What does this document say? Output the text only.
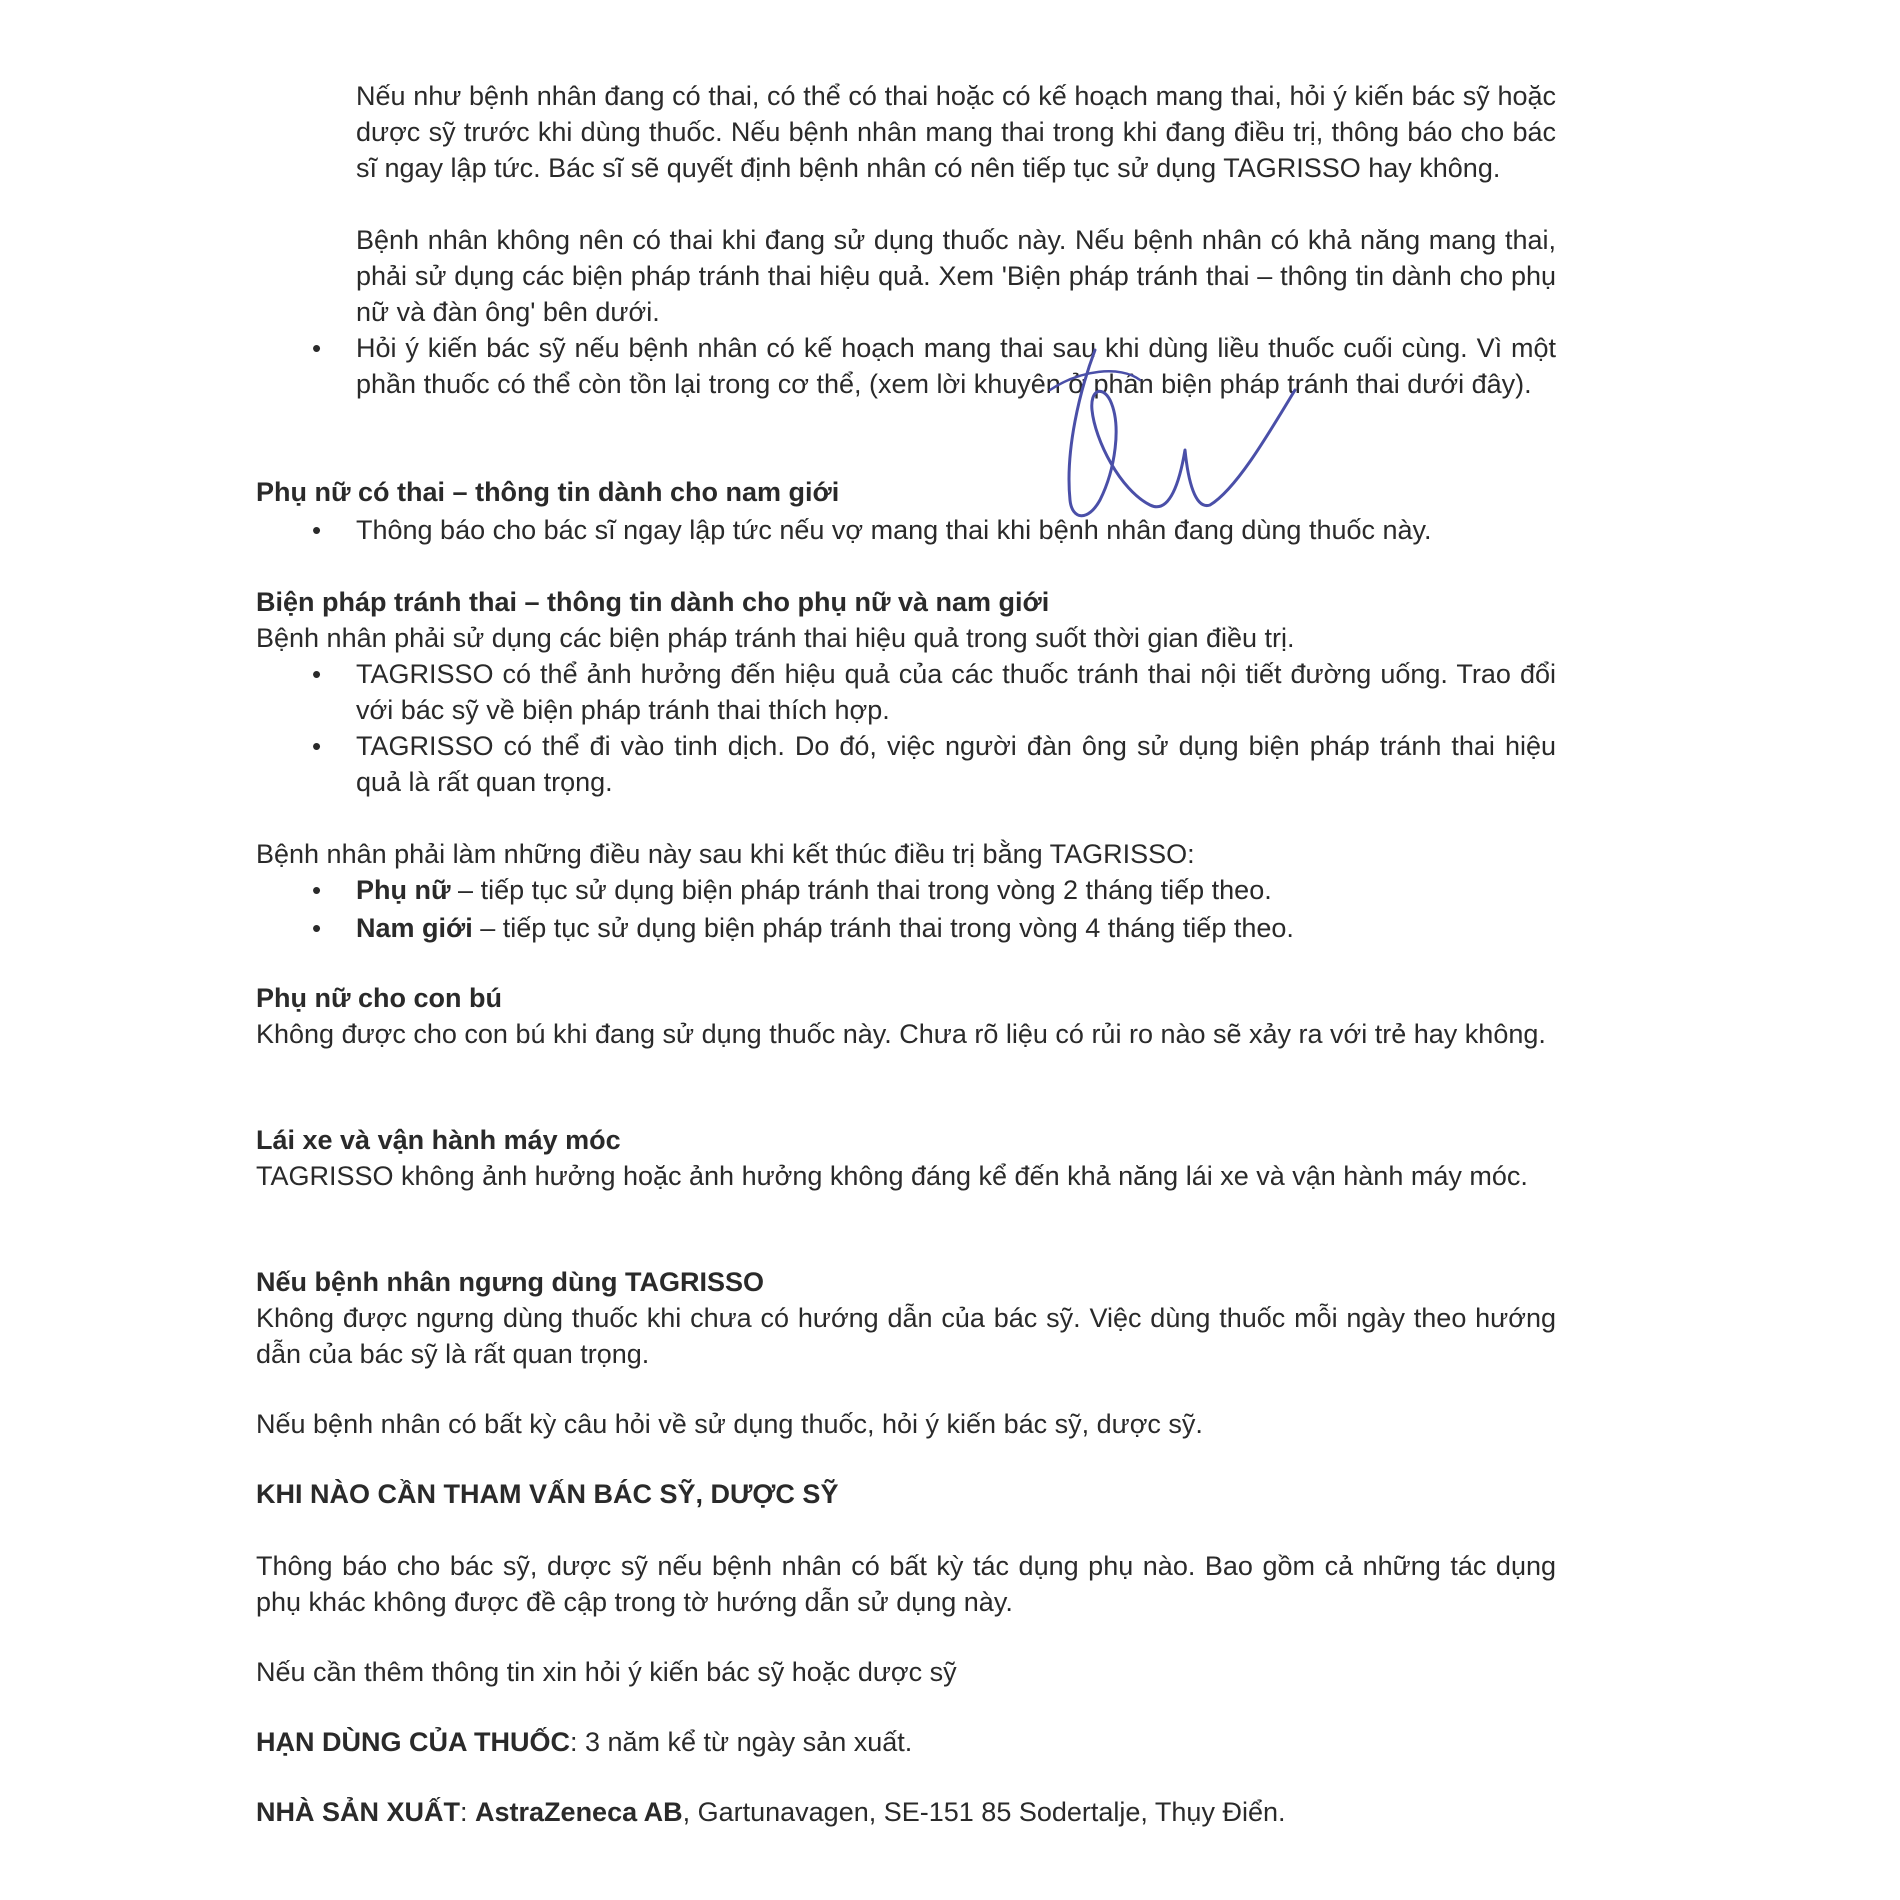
Nếu như bệnh nhân đang có thai, có thể có thai hoặc có kế hoạch mang thai, hỏi ý kiến bác sỹ hoặc dược sỹ trước khi dùng thuốc. Nếu bệnh nhân mang thai trong khi đang điều trị, thông báo cho bác sĩ ngay lập tức. Bác sĩ sẽ quyết định bệnh nhân có nên tiếp tục sử dụng TAGRISSO hay không.

Bệnh nhân không nên có thai khi đang sử dụng thuốc này. Nếu bệnh nhân có khả năng mang thai, phải sử dụng các biện pháp tránh thai hiệu quả. Xem 'Biện pháp tránh thai – thông tin dành cho phụ nữ và đàn ông' bên dưới.

• Hỏi ý kiến bác sỹ nếu bệnh nhân có kế hoạch mang thai sau khi dùng liều thuốc cuối cùng. Vì một phần thuốc có thể còn tồn lại trong cơ thể, (xem lời khuyên ở phần biện pháp tránh thai dưới đây).

Phụ nữ có thai – thông tin dành cho nam giới

• Thông báo cho bác sĩ ngay lập tức nếu vợ mang thai khi bệnh nhân đang dùng thuốc này.

Biện pháp tránh thai – thông tin dành cho phụ nữ và nam giới

Bệnh nhân phải sử dụng các biện pháp tránh thai hiệu quả trong suốt thời gian điều trị.

• TAGRISSO có thể ảnh hưởng đến hiệu quả của các thuốc tránh thai nội tiết đường uống. Trao đổi với bác sỹ về biện pháp tránh thai thích hợp.

• TAGRISSO có thể đi vào tinh dịch. Do đó, việc người đàn ông sử dụng biện pháp tránh thai hiệu quả là rất quan trọng.

Bệnh nhân phải làm những điều này sau khi kết thúc điều trị bằng TAGRISSO:

• Phụ nữ – tiếp tục sử dụng biện pháp tránh thai trong vòng 2 tháng tiếp theo.

• Nam giới – tiếp tục sử dụng biện pháp tránh thai trong vòng 4 tháng tiếp theo.

Phụ nữ cho con bú

Không được cho con bú khi đang sử dụng thuốc này. Chưa rõ liệu có rủi ro nào sẽ xảy ra với trẻ hay không.

Lái xe và vận hành máy móc

TAGRISSO không ảnh hưởng hoặc ảnh hưởng không đáng kể đến khả năng lái xe và vận hành máy móc.

Nếu bệnh nhân ngưng dùng TAGRISSO

Không được ngưng dùng thuốc khi chưa có hướng dẫn của bác sỹ. Việc dùng thuốc mỗi ngày theo hướng dẫn của bác sỹ là rất quan trọng.

Nếu bệnh nhân có bất kỳ câu hỏi về sử dụng thuốc, hỏi ý kiến bác sỹ, dược sỹ.

KHI NÀO CẦN THAM VẤN BÁC SỸ, DƯỢC SỸ

Thông báo cho bác sỹ, dược sỹ nếu bệnh nhân có bất kỳ tác dụng phụ nào. Bao gồm cả những tác dụng phụ khác không được đề cập trong tờ hướng dẫn sử dụng này.

Nếu cần thêm thông tin xin hỏi ý kiến bác sỹ hoặc dược sỹ

HẠN DÙNG CỦA THUỐC: 3 năm kể từ ngày sản xuất.

NHÀ SẢN XUẤT: AstraZeneca AB, Gartunavagen, SE-151 85 Sodertalje, Thụy Điển.
